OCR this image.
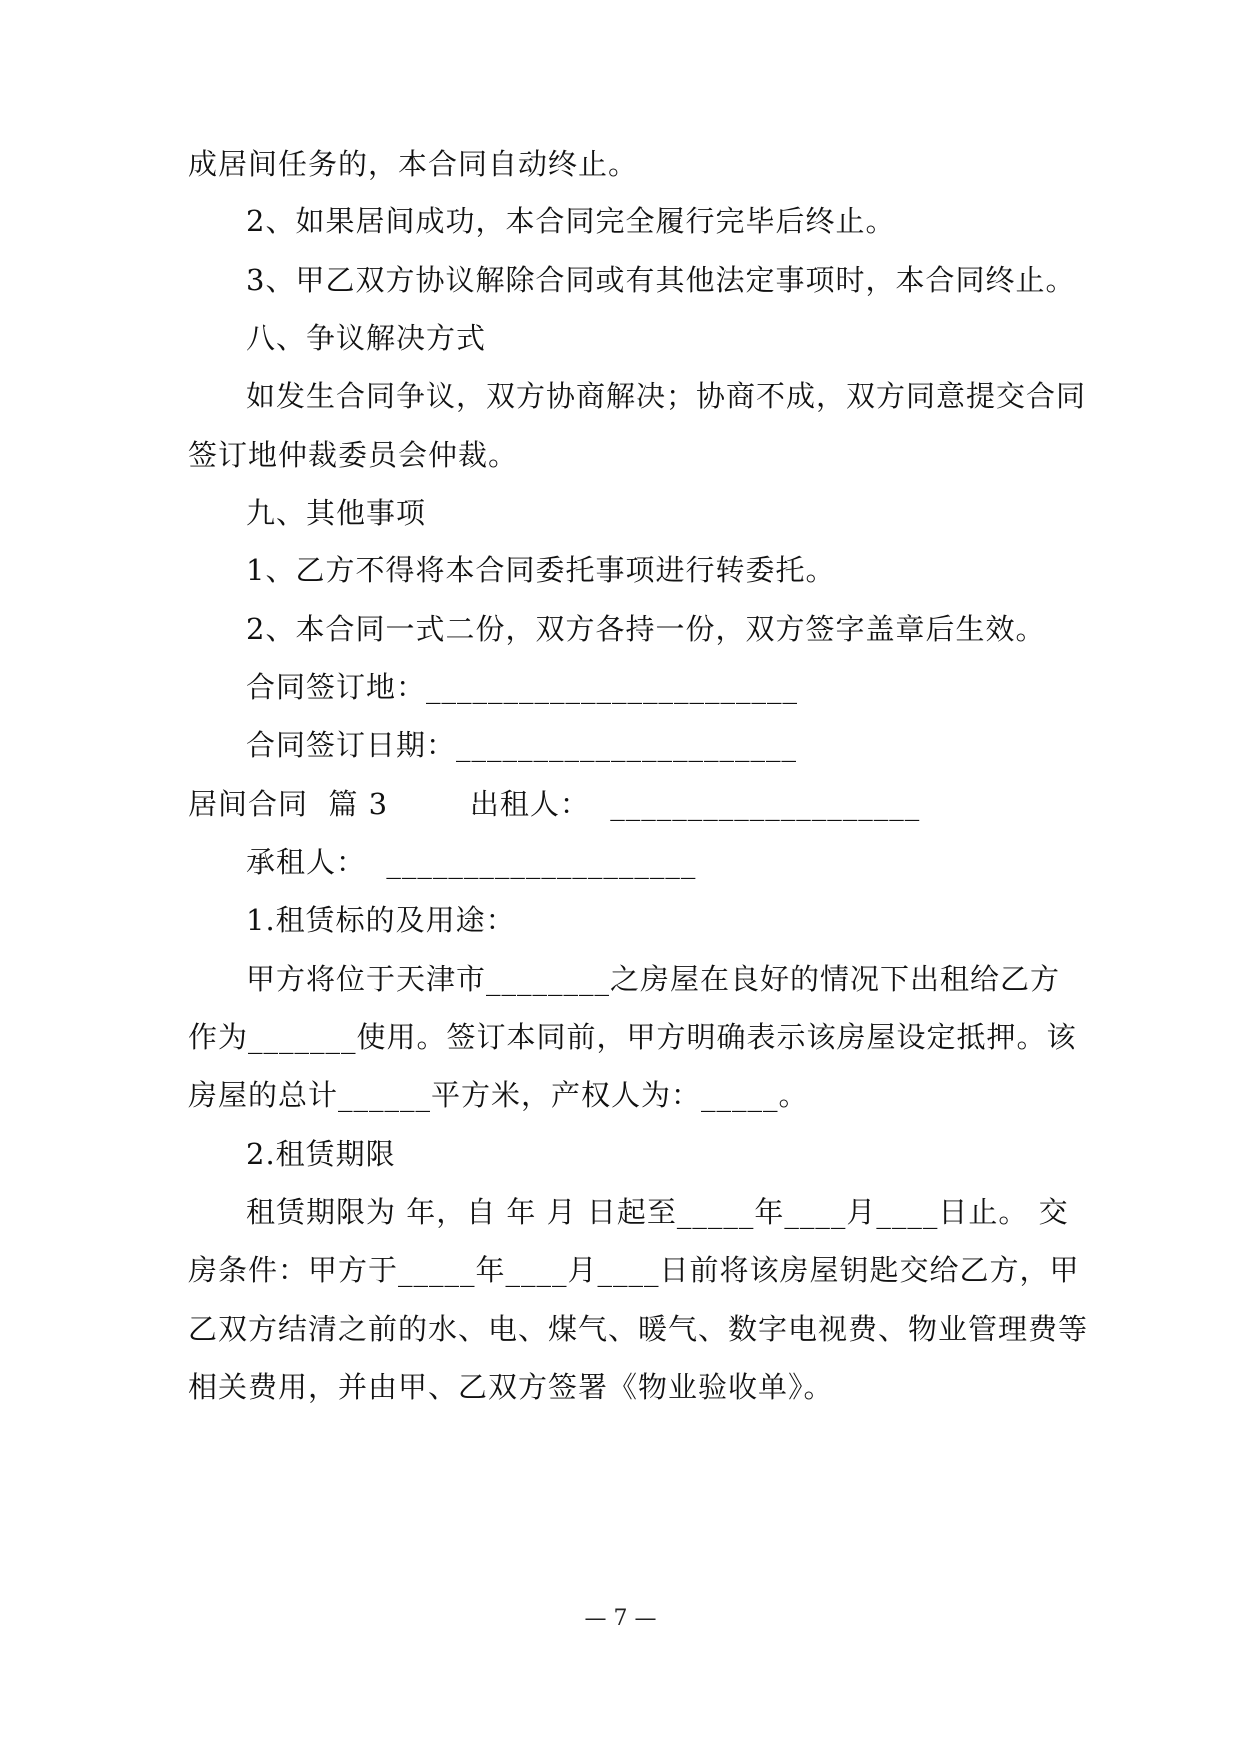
成居间任务的，本合同自动终止。
2、如果居间成功，本合同完全履行完毕后终止。
3、甲乙双方协议解除合同或有其他法定事项时，本合同终止。
八、争议解决方式
如发生合同争议，双方协商解决；协商不成，双方同意提交合同
签订地仲裁委员会仲裁。
九、其他事项
1、乙方不得将本合同委托事项进行转委托。
2、本合同一式二份，双方各持一份，双方签字盖章后生效。
合同签订地：________________________
合同签订日期：______________________
居间合同  篇 3        出租人：  ____________________
承租人：  ____________________
1.租赁标的及用途：
甲方将位于天津市________之房屋在良好的情况下出租给乙方
作为_______使用。签订本同前，甲方明确表示该房屋设定抵押。该
房屋的总计______平方米，产权人为：_____。
2.租赁期限
租赁期限为 年，自 年 月 日起至_____年____月____日止。 交
房条件：甲方于_____年____月____日前将该房屋钥匙交给乙方，甲
乙双方结清之前的水、电、煤气、暖气、数字电视费、物业管理费等
相关费用，并由甲、乙双方签署《物业验收单》。
— 7 —
